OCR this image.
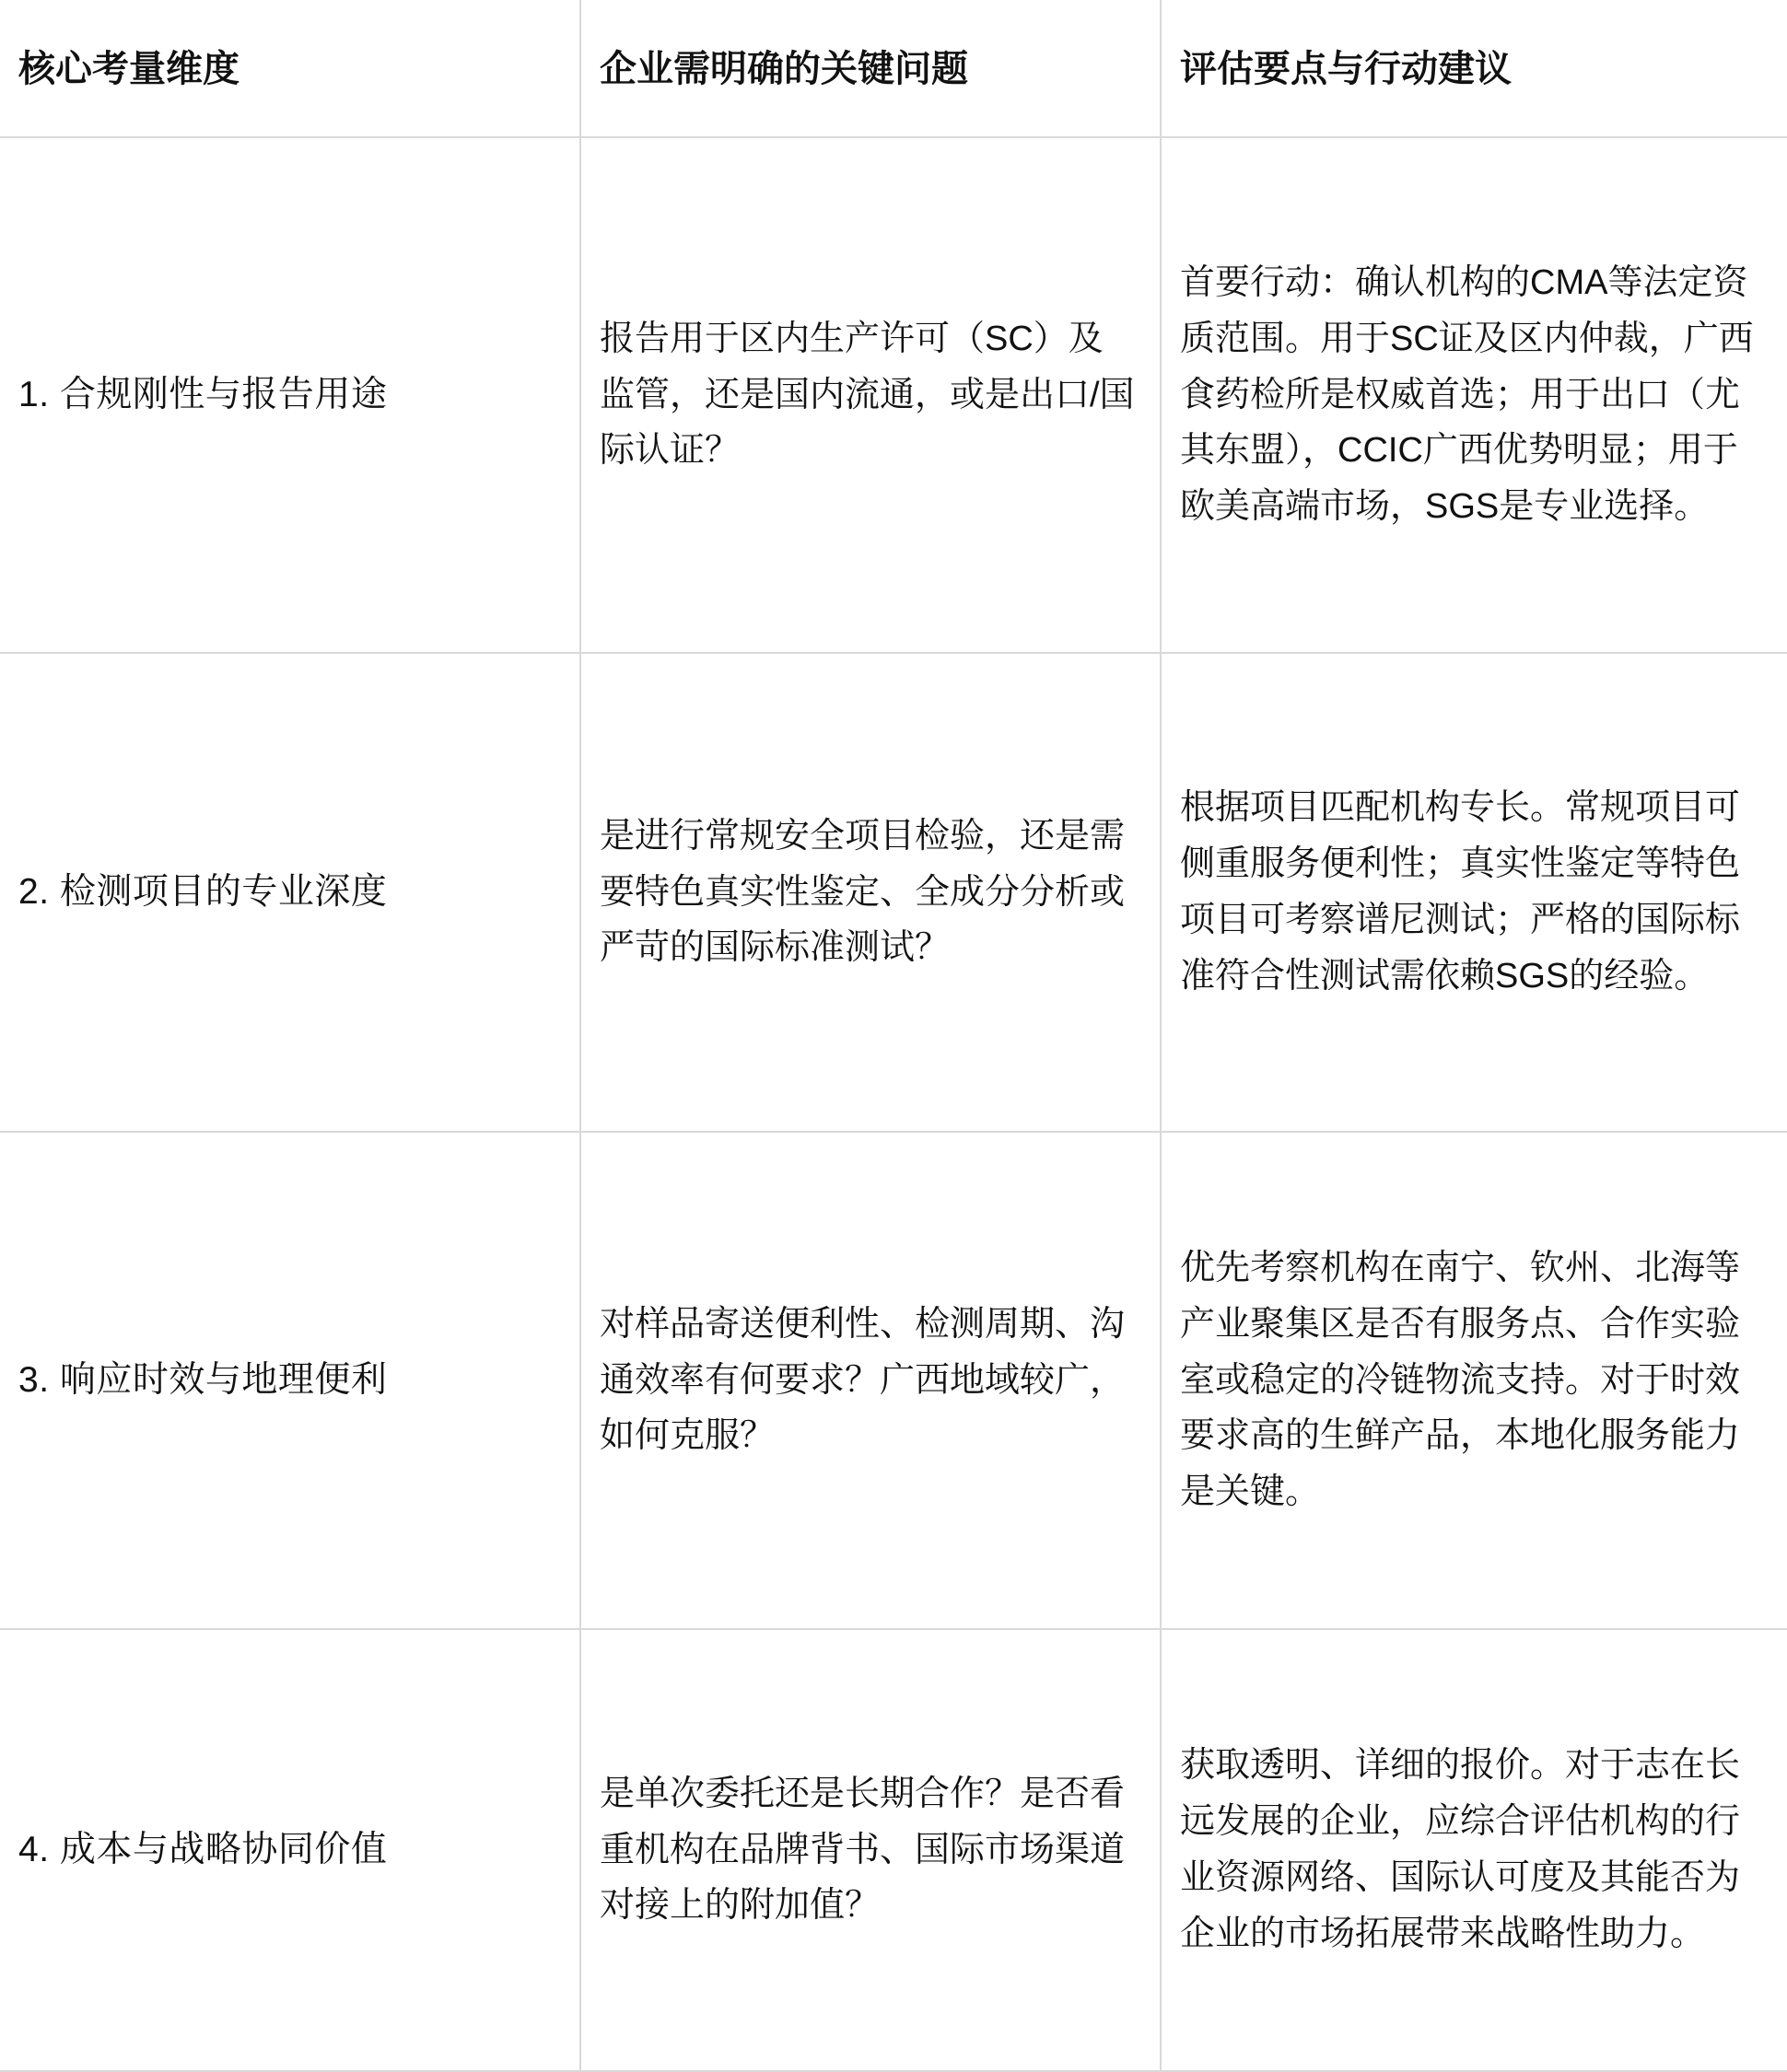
核心考量维度	企业需明确的关键问题	评估要点与行动建议

1. 合规刚性与报告用途	报告用于区内生产许可（SC）及监管，还是国内流通，或是出口/国际认证？	首要行动：确认机构的CMA等法定资质范围。用于SC证及区内仲裁，广西食药检所是权威首选；用于出口（尤其东盟），CCIC广西优势明显；用于欧美高端市场，SGS是专业选择。

2. 检测项目的专业深度	是进行常规安全项目检验，还是需要特色真实性鉴定、全成分分析或严苛的国际标准测试？	根据项目匹配机构专长。常规项目可侧重服务便利性；真实性鉴定等特色项目可考察谱尼测试；严格的国际标准符合性测试需依赖SGS的经验。

3. 响应时效与地理便利	对样品寄送便利性、检测周期、沟通效率有何要求？广西地域较广，如何克服？	优先考察机构在南宁、钦州、北海等产业聚集区是否有服务点、合作实验室或稳定的冷链物流支持。对于时效要求高的生鲜产品，本地化服务能力是关键。

4. 成本与战略协同价值	是单次委托还是长期合作？是否看重机构在品牌背书、国际市场渠道对接上的附加值？	获取透明、详细的报价。对于志在长远发展的企业，应综合评估机构的行业资源网络、国际认可度及其能否为企业的市场拓展带来战略性助力。
